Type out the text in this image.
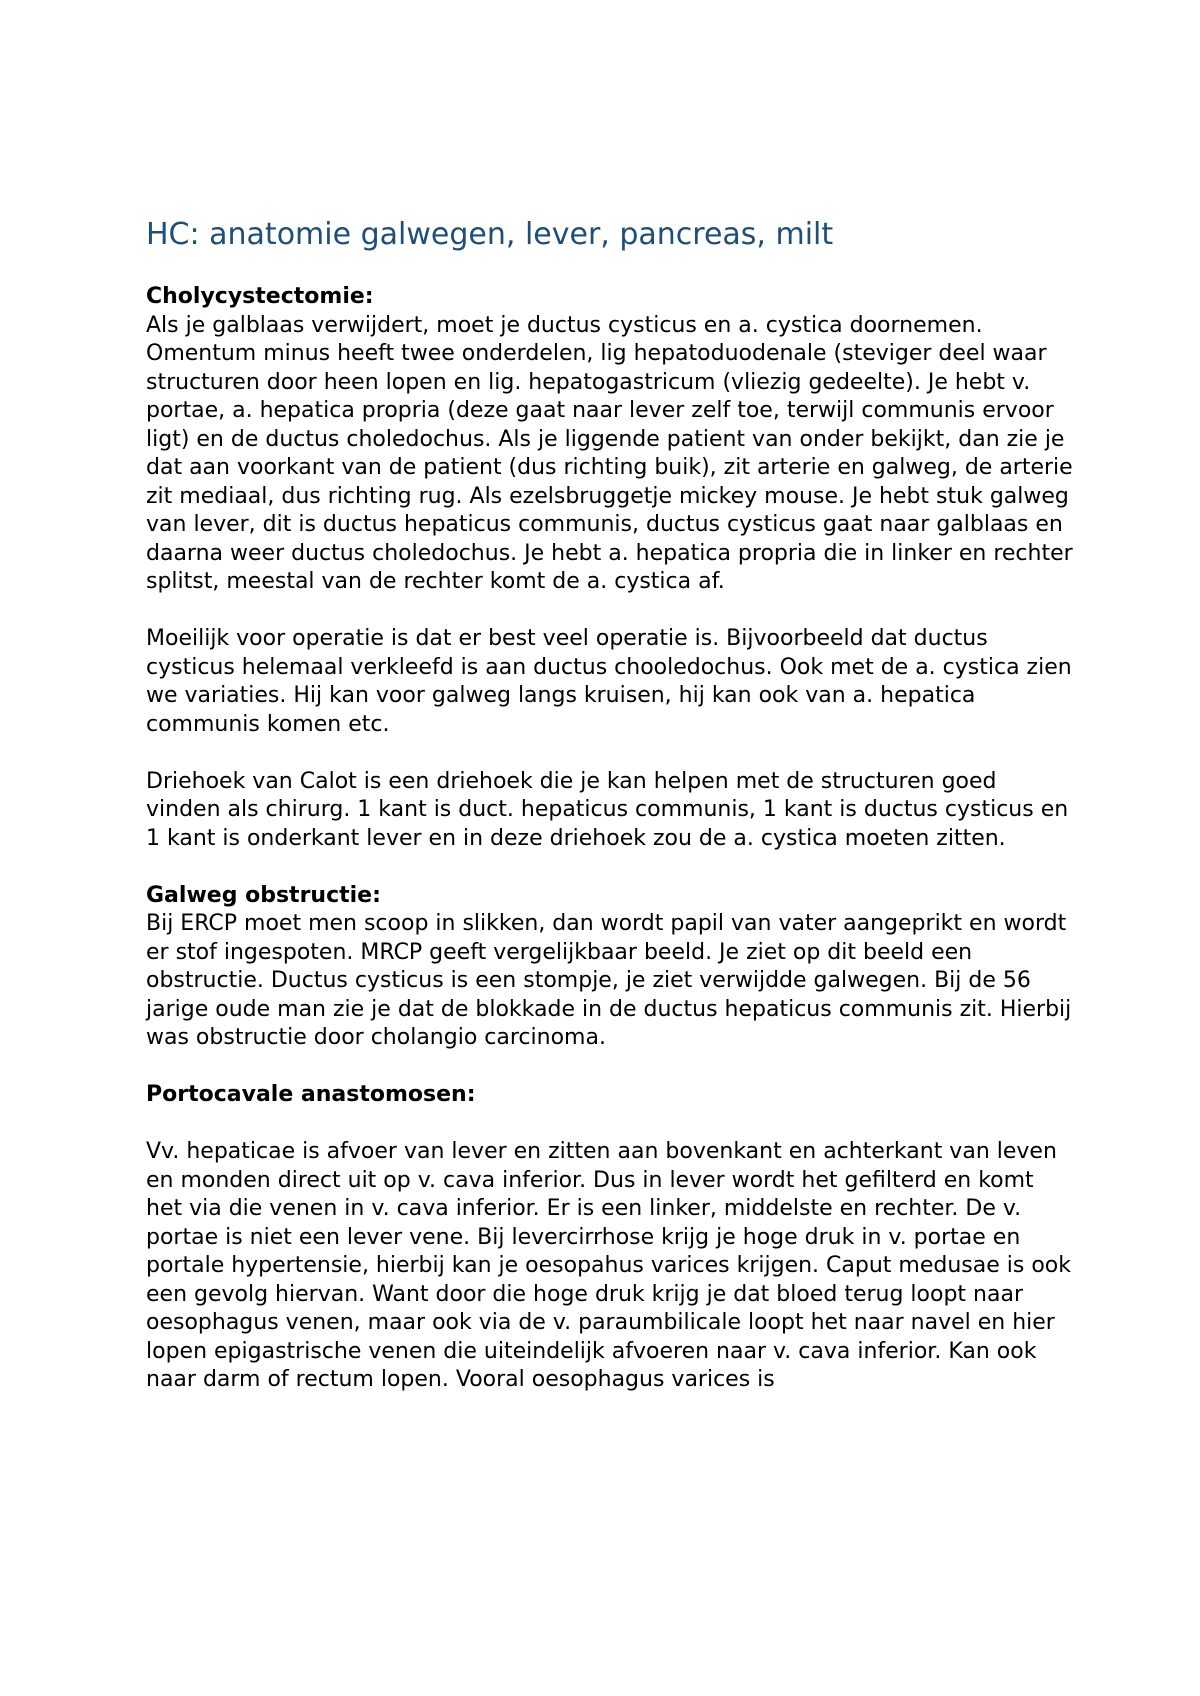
HC: anatomie galwegen, lever, pancreas, milt

Cholycystectomie:

Als je galblaas verwijdert, moet je ductus cysticus en a. cystica doornemen. Omentum minus heeft twee onderdelen, lig hepatoduodenale (steviger deel waar structuren door heen lopen en lig. hepatogastricum (vliezig gedeelte). Je hebt v. portae, a. hepatica propria (deze gaat naar lever zelf toe, terwijl communis ervoor ligt) en de ductus choledochus. Als je liggende patient van onder bekijkt, dan zie je dat aan voorkant van de patient (dus richting buik), zit arterie en galweg, de arterie zit mediaal, dus richting rug. Als ezelsbruggetje mickey mouse. Je hebt stuk galweg van lever, dit is ductus hepaticus communis, ductus cysticus gaat naar galblaas en daarna weer ductus choledochus. Je hebt a. hepatica propria die in linker en rechter splitst, meestal van de rechter komt de a. cystica af.

Moeilijk voor operatie is dat er best veel operatie is. Bijvoorbeeld dat ductus cysticus helemaal verkleefd is aan ductus chooledochus. Ook met de a. cystica zien we variaties. Hij kan voor galweg langs kruisen, hij kan ook van a. hepatica communis komen etc.

Driehoek van Calot is een driehoek die je kan helpen met de structuren goed vinden als chirurg. 1 kant is duct. hepaticus communis, 1 kant is ductus cysticus en 1 kant is onderkant lever en in deze driehoek zou de a. cystica moeten zitten.

Galweg obstructie:

Bij ERCP moet men scoop in slikken, dan wordt papil van vater aangeprikt en wordt er stof ingespoten. MRCP geeft vergelijkbaar beeld. Je ziet op dit beeld een obstructie. Ductus cysticus is een stompje, je ziet verwijdde galwegen. Bij de 56 jarige oude man zie je dat de blokkade in de ductus hepaticus communis zit. Hierbij was obstructie door cholangio carcinoma.

Portocavale anastomosen:

Vv. hepaticae is afvoer van lever en zitten aan bovenkant en achterkant van leven en monden direct uit op v. cava inferior. Dus in lever wordt het gefilterd en komt het via die venen in v. cava inferior. Er is een linker, middelste en rechter. De v. portae is niet een lever vene. Bij levercirrhose krijg je hoge druk in v. portae en portale hypertensie, hierbij kan je oesopahus varices krijgen. Caput medusae is ook een gevolg hiervan. Want door die hoge druk krijg je dat bloed terug loopt naar oesophagus venen, maar ook via de v. paraumbilicale loopt het naar navel en hier lopen epigastrische venen die uiteindelijk afvoeren naar v. cava inferior. Kan ook naar darm of rectum lopen. Vooral oesophagus varices is
